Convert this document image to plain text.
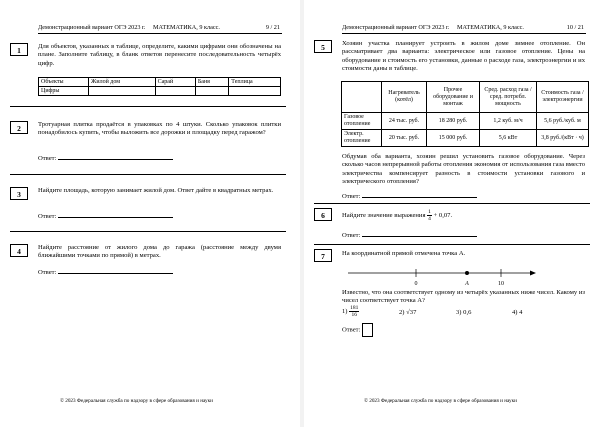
Демонстрационный вариант ОГЭ 2023 г. МАТЕМАТИКА, 9 класс.	9 / 21
1	Для объектов, указанных в таблице, определите, какими цифрами они обозначены на плане. Заполните таблицу, в бланк ответов перенесите последовательность четырёх цифр.
Объекты	Жилой дом	Сарай	Баня	Теплица
Цифры				
2	Тротуарная плитка продаётся в упаковках по 4 штуки. Сколько упаковок плитки понадобилось купить, чтобы выложить все дорожки и площадку перед гаражом?
Ответ:
3	Найдите площадь, которую занимает жилой дом. Ответ дайте в квадратных метрах.
Ответ:
4	Найдите расстояние от жилого дома до гаража (расстояние между двумя ближайшими точками по прямой) в метрах.
Ответ:
© 2023 Федеральная служба по надзору в сфере образования и науки
Демонстрационный вариант ОГЭ 2023 г. МАТЕМАТИКА, 9 класс.	10 / 21
5	Хозяин участка планирует устроить в жилом доме зимнее отопление. Он рассматривает два варианта: электрическое или газовое отопление. Цены на оборудование и стоимость его установки, данные о расходе газа, электроэнергии и их стоимости даны в таблице.
	Нагреватель (котёл)	Прочее оборудование и монтаж	Сред. расход газа / сред. потребл. мощность	Стоимость газа / электроэнергии
Газовое отопление	24 тыс. руб.	18 280 руб.	1,2 куб. м/ч	5,6 руб./куб. м
Электр. отопление	20 тыс. руб.	15 000 руб.	5,6 кВт	3,8 руб./(кВт · ч)
Обдумав оба варианта, хозяин решил установить газовое оборудование. Через сколько часов непрерывной работы отопления экономия от использования газа вместо электричества компенсирует разность в стоимости установки газового и электрического отопления?
Ответ:
6	Найдите значение выражения $\frac{1}{4} + 0,07$.
Ответ:
7	На координатной прямой отмечена точка A.
0	A	10
Известно, что она соответствует одному из четырёх указанных ниже чисел. Какому из чисел соответствует точка A?
$1) \frac{181}{16}$	2) √37	3) 0,6	4) 4
Ответ:
© 2023 Федеральная служба по надзору в сфере образования и науки
